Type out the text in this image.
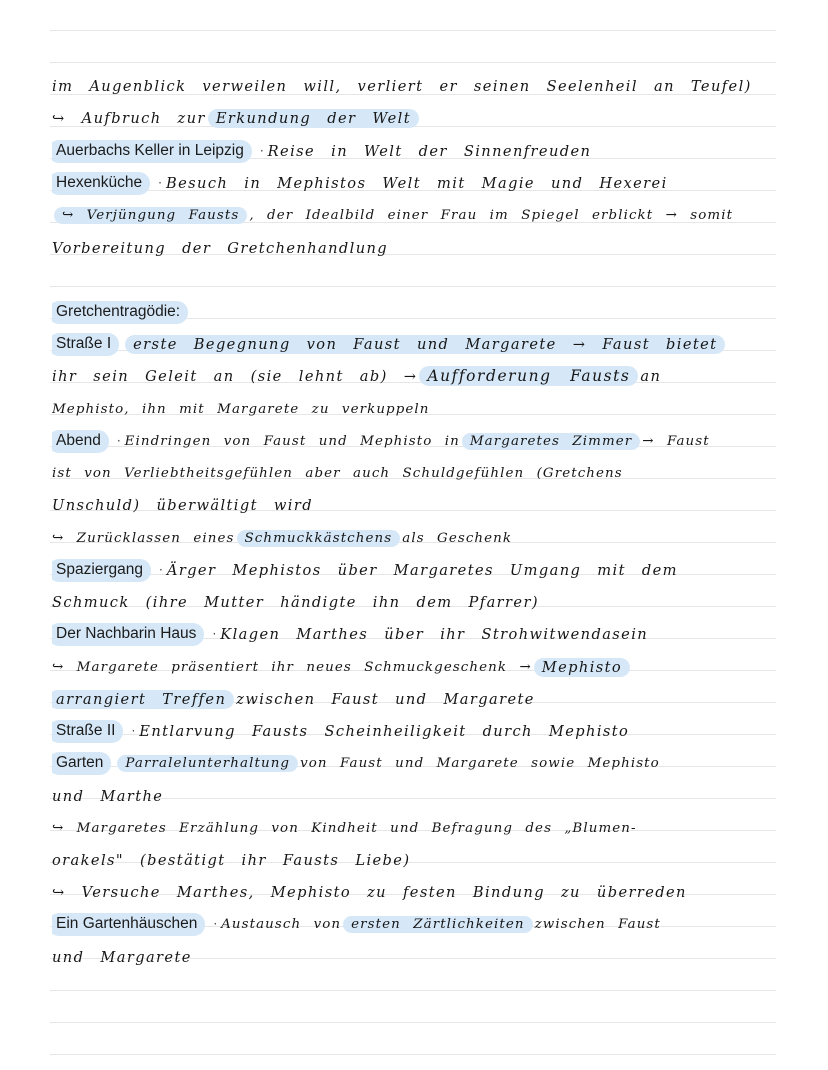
im Augenblick verweilen will, verliert er seinen Seelenheil an Teufel)
↪ Aufbruch zur Erkundung der Welt
Auerbachs Keller in Leipzig	· Reise in Welt der Sinnenfreuden
Hexenküche	· Besuch in Mephistos Welt mit Magie und Hexerei
↪ Verjüngung Fausts , der Idealbild einer Frau im Spiegel erblickt → somit
Vorbereitung der Gretchenhandlung
Gretchentragödie:
Straße I	erste Begegnung von Faust und Margarete → Faust bietet
ihr sein Geleit an (sie lehnt ab) → Aufforderung Fausts an
Mephisto, ihn mit Margarete zu verkuppeln
Abend	· Eindringen von Faust und Mephisto in Margaretes Zimmer → Faust
ist von Verliebtheitsgefühlen aber auch Schuldgefühlen (Gretchens
Unschuld) überwältigt wird
↪ Zurücklassen eines Schmuckkästchens als Geschenk
Spaziergang	· Ärger Mephistos über Margaretes Umgang mit dem
Schmuck (ihre Mutter händigte ihn dem Pfarrer)
Der Nachbarin Haus	· Klagen Marthes über ihr Strohwitwendasein
↪ Margarete präsentiert ihr neues Schmuckgeschenk → Mephisto
arrangiert Treffen zwischen Faust und Margarete
Straße II	· Entlarvung Fausts Scheinheiligkeit durch Mephisto
Garten	Parralelunterhaltung von Faust und Margarete sowie Mephisto
und Marthe
↪ Margaretes Erzählung von Kindheit und Befragung des „Blumen-
orakels" (bestätigt ihr Fausts Liebe)
↪ Versuche Marthes, Mephisto zu festen Bindung zu überreden
Ein Gartenhäuschen	· Austausch von ersten Zärtlichkeiten zwischen Faust
und Margarete
